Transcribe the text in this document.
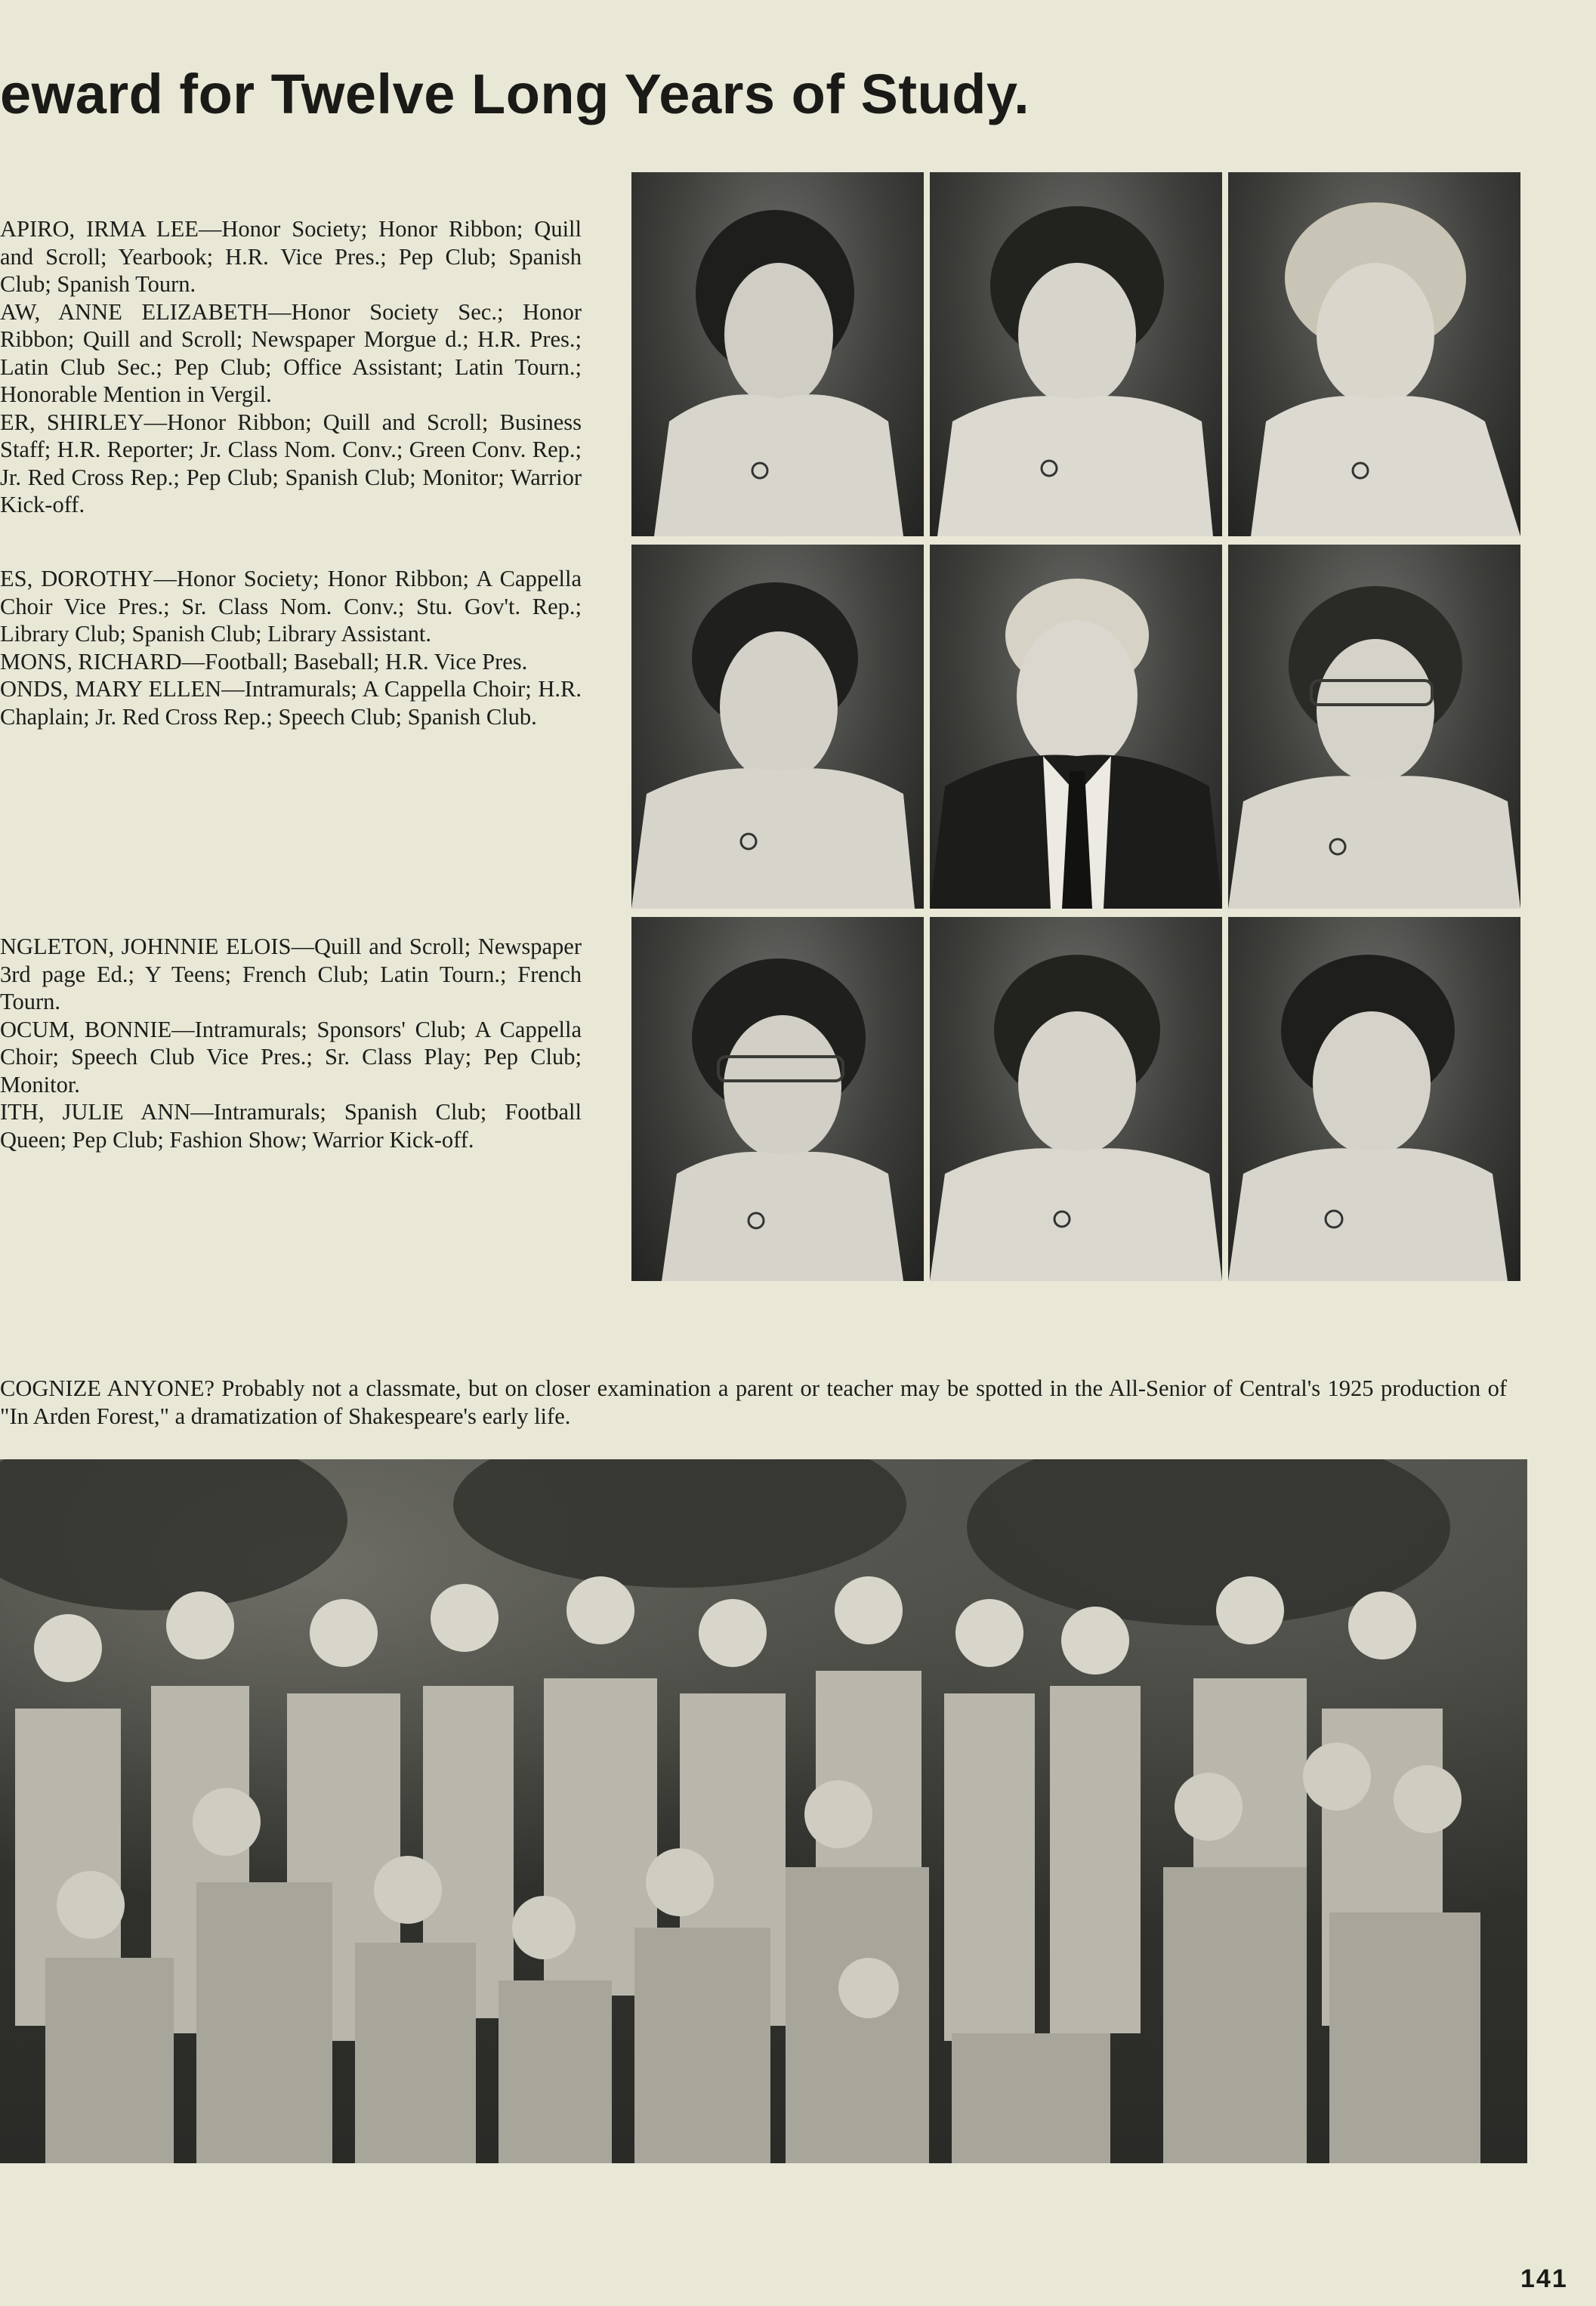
eward for Twelve Long Years of Study.

APIRO, IRMA LEE—Honor Society; Honor Ribbon; Quill and Scroll; Yearbook; H.R. Vice Pres.; Pep Club; Spanish Club; Spanish Tourn.

AW, ANNE ELIZABETH—Honor Society Sec.; Honor Ribbon; Quill and Scroll; Newspaper Morgue d.; H.R. Pres.; Latin Club Sec.; Pep Club; Office Assistant; Latin Tourn.; Honorable Mention in Vergil.

ER, SHIRLEY—Honor Ribbon; Quill and Scroll; Business Staff; H.R. Reporter; Jr. Class Nom. Conv.; Green Conv. Rep.; Jr. Red Cross Rep.; Pep Club; Spanish Club; Monitor; Warrior Kick-off.

ES, DOROTHY—Honor Society; Honor Ribbon; A Cappella Choir Vice Pres.; Sr. Class Nom. Conv.; Stu. Gov't. Rep.; Library Club; Spanish Club; Library Assistant.

MONS, RICHARD—Football; Baseball; H.R. Vice Pres.

ONDS, MARY ELLEN—Intramurals; A Cappella Choir; H.R. Chaplain; Jr. Red Cross Rep.; Speech Club; Spanish Club.

NGLETON, JOHNNIE ELOIS—Quill and Scroll; Newspaper 3rd page Ed.; Y Teens; French Club; Latin Tourn.; French Tourn.

OCUM, BONNIE—Intramurals; Sponsors' Club; A Cappella Choir; Speech Club Vice Pres.; Sr. Class Play; Pep Club; Monitor.

ITH, JULIE ANN—Intramurals; Spanish Club; Football Queen; Pep Club; Fashion Show; Warrior Kick-off.

COGNIZE ANYONE? Probably not a classmate, but on closer examination a parent or teacher may be spotted in the All-Senior of Central's 1925 production of "In Arden Forest," a dramatization of Shakespeare's early life.

141
